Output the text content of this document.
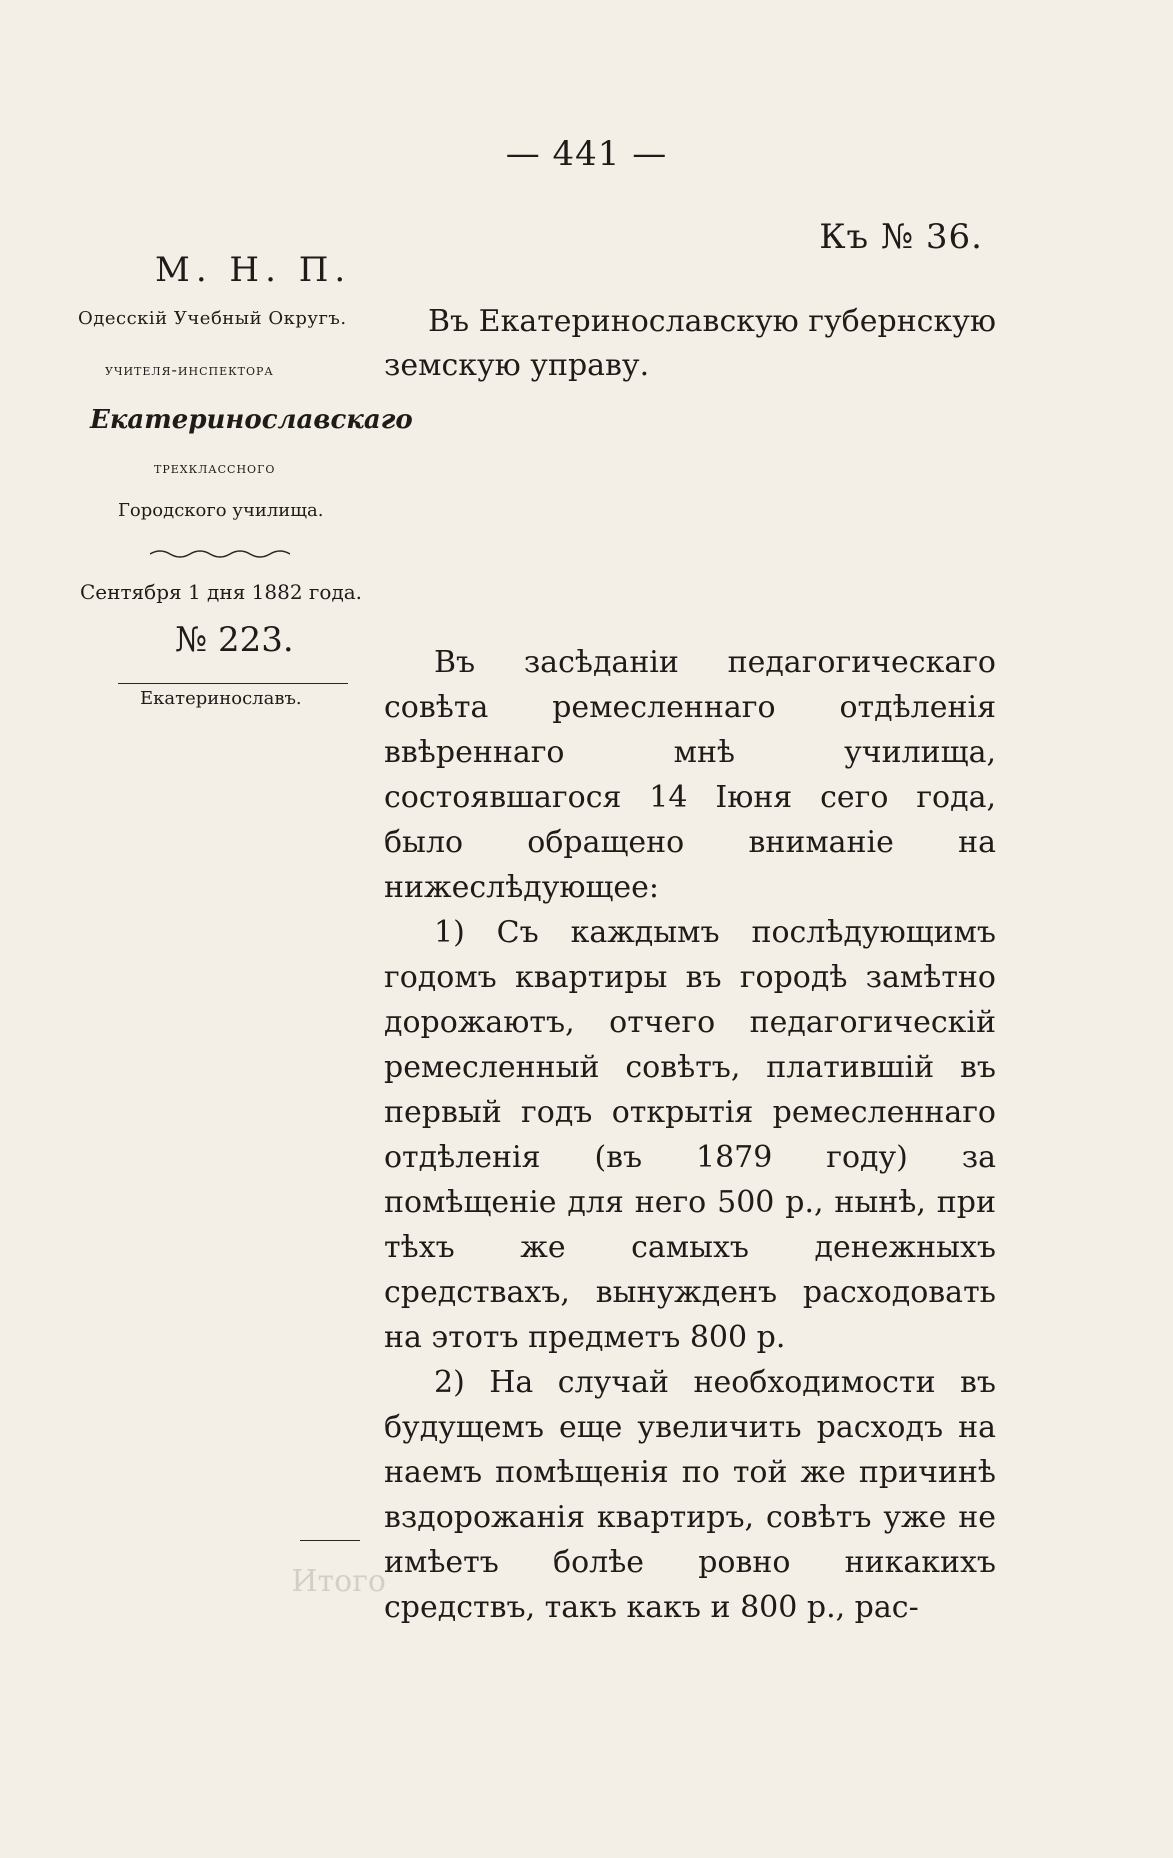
— 441 —
Къ № 36.
М. Н. П.
Одесскій Учебный Округъ.
учителя-инспектора
Екатеринославскаго
трехклассного
Городского училища.
Сентября 1 дня 1882 года.
№ 223.
Екатеринославъ.
Въ Екатеринославскую губернскую
земскую управу.

Въ засѣданіи педагогическаго совѣта ремесленнаго отдѣленія ввѣреннаго мнѣ училища, состоявшагося 14 Іюня сего года, было обращено вниманіе на нижеслѣдующее:

1) Съ каждымъ послѣдующимъ годомъ квартиры въ городѣ замѣтно дорожаютъ, отчего педагогическій ремесленный совѣтъ, платившій въ первый годъ открытія ремесленнаго отдѣленія (въ 1879 году) за помѣщеніе для него 500 р., нынѣ, при тѣхъ же самыхъ денежныхъ средствахъ, вынужденъ расходовать на этотъ предметъ 800 р.

2) На случай необходимости въ будущемъ еще увеличить расходъ на наемъ помѣщенія по той же причинѣ вздорожанія квартиръ, совѣтъ уже не имѣетъ болѣе ровно никакихъ средствъ, такъ какъ и 800 р., рас-

Итого
